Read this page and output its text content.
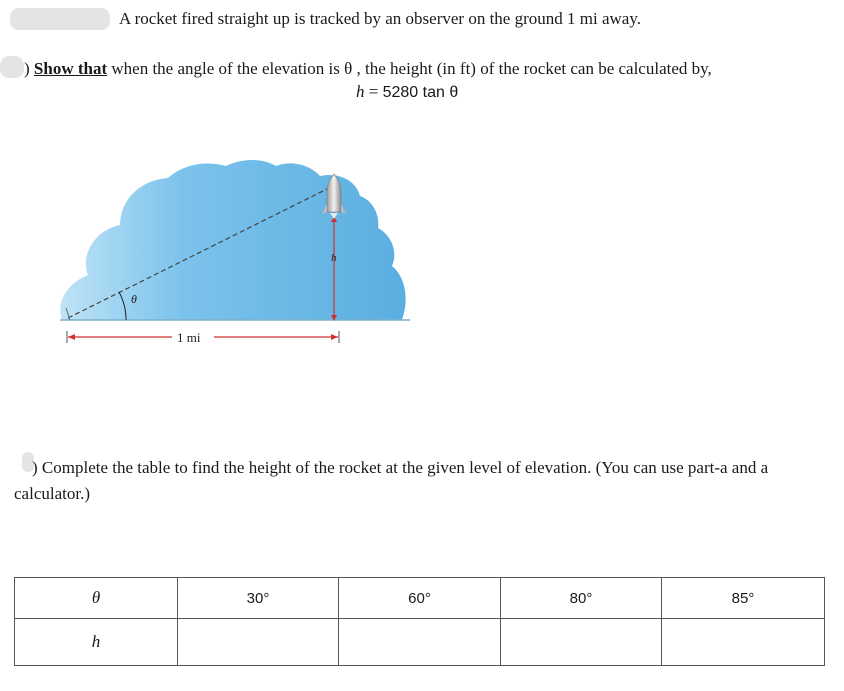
A rocket fired straight up is tracked by an observer on the ground 1 mi away.
) Show that when the angle of the elevation is θ , the height (in ft) of the rocket can be calculated by,
h = 5280 tan θ
θ
h
1 mi
) Complete the table to find the height of the rocket at the given level of elevation. (You can use part-a and a
calculator.)
θ	30°	60°	80°	85°
h				
